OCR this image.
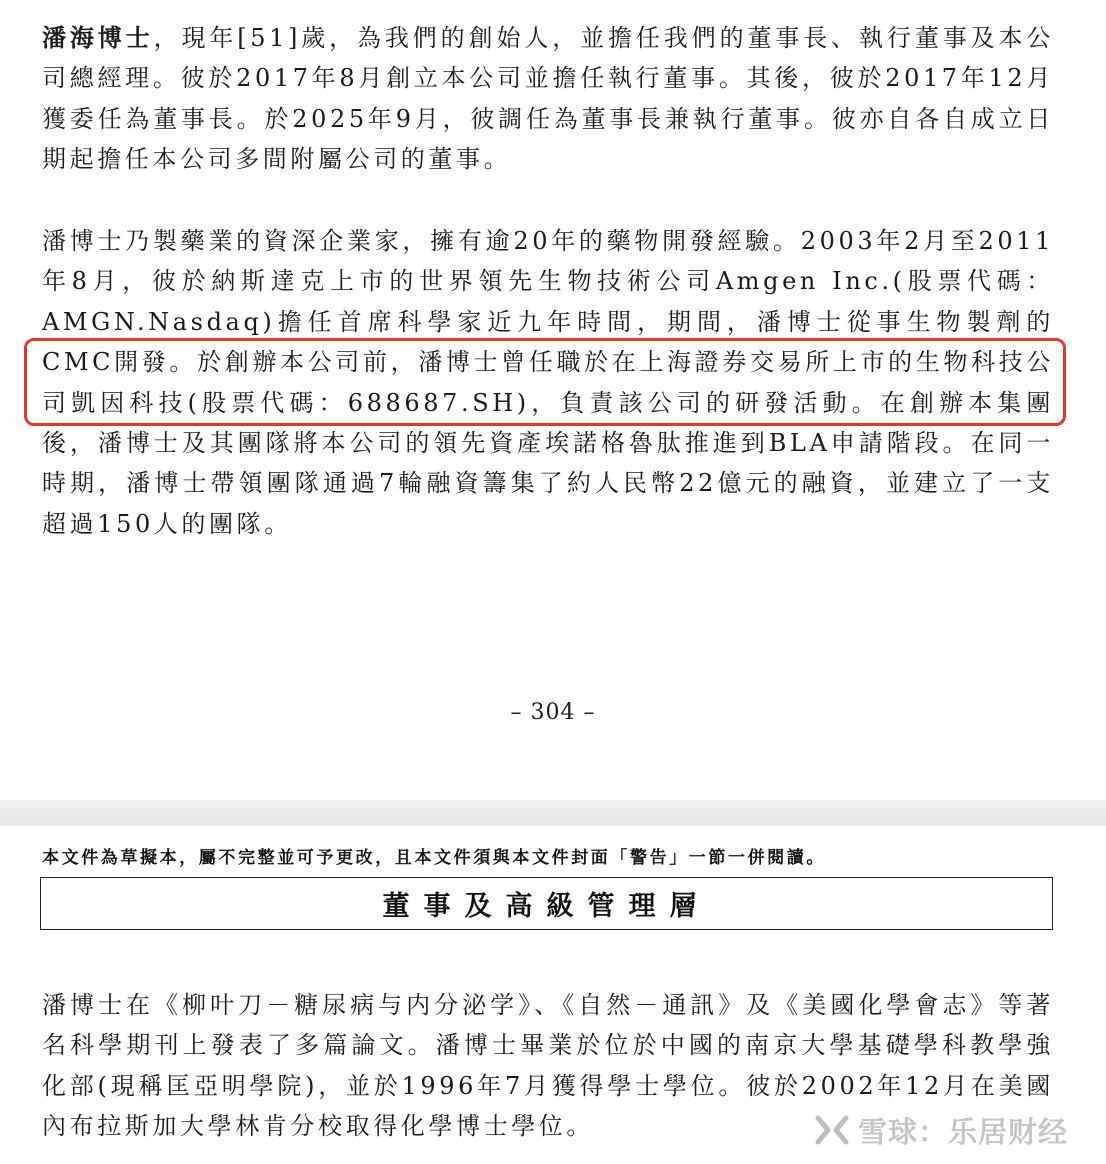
潘海博士，現年[51]歲，為我們的創始人，並擔任我們的董事長、執行董事及本公司總經理。彼於2017年8月創立本公司並擔任執行董事。其後，彼於2017年12月獲委任為董事長。於2025年9月，彼調任為董事長兼執行董事。彼亦自各自成立日期起擔任本公司多間附屬公司的董事。

潘博士乃製藥業的資深企業家，擁有逾20年的藥物開發經驗。2003年2月至2011年8月，彼於納斯達克上市的世界領先生物技術公司Amgen Inc.(股票代碼：AMGN.Nasdaq)擔任首席科學家近九年時間，期間，潘博士從事生物製劑的CMC開發。於創辦本公司前，潘博士曾任職於在上海證券交易所上市的生物科技公司凱因科技(股票代碼：688687.SH)，負責該公司的研發活動。在創辦本集團後，潘博士及其團隊將本公司的領先資產埃諾格魯肽推進到BLA申請階段。在同一時期，潘博士帶領團隊通過7輪融資籌集了約人民幣22億元的融資，並建立了一支超過150人的團隊。

– 304 –
本文件為草擬本，屬不完整並可予更改，且本文件須與本文件封面「警告」一節一併閱讀。
董事及高級管理層

潘博士在《柳叶刀－糖尿病与内分泌学》、《自然－通訊》及《美國化學會志》等著名科學期刊上發表了多篇論文。潘博士畢業於位於中國的南京大學基礎學科教學強化部(現稱匡亞明學院)，並於1996年7月獲得學士學位。彼於2002年12月在美國內布拉斯加大學林肯分校取得化學博士學位。	雪球：乐居财经
